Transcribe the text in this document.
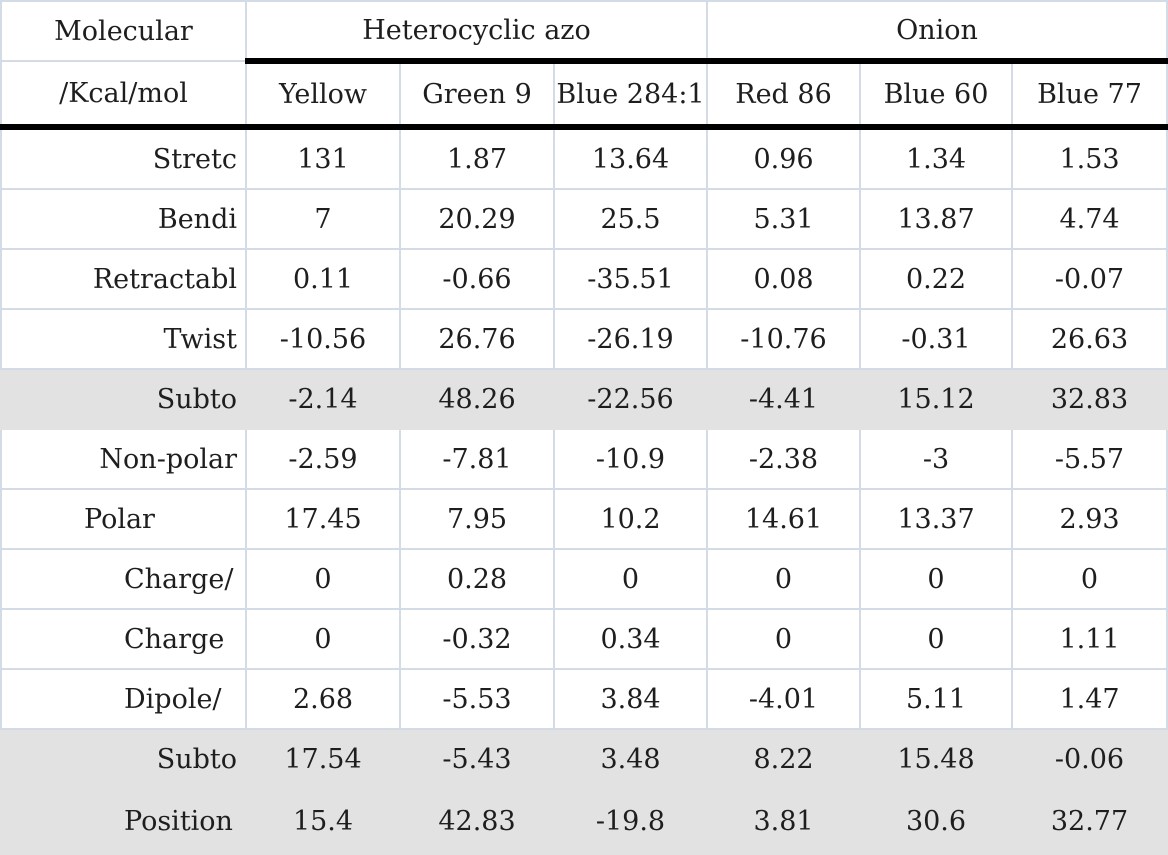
Molecular	Heterocyclic azo			Onion		
/Kcal/mol	Yellow	Green 9	Blue 284:1	Red 86	Blue 60	Blue 77
Stretc	131	1.87	13.64	0.96	1.34	1.53
Bendi	7	20.29	25.5	5.31	13.87	4.74
Retractabl	0.11	-0.66	-35.51	0.08	0.22	-0.07
Twist	-10.56	26.76	-26.19	-10.76	-0.31	26.63
Subto	-2.14	48.26	-22.56	-4.41	15.12	32.83
Non-polar	-2.59	-7.81	-10.9	-2.38	-3	-5.57
Polar	17.45	7.95	10.2	14.61	13.37	2.93
Charge/	0	0.28	0	0	0	0
Charge	0	-0.32	0.34	0	0	1.11
Dipole/	2.68	-5.53	3.84	-4.01	5.11	1.47
Subto	17.54	-5.43	3.48	8.22	15.48	-0.06
Position	15.4	42.83	-19.8	3.81	30.6	32.77
